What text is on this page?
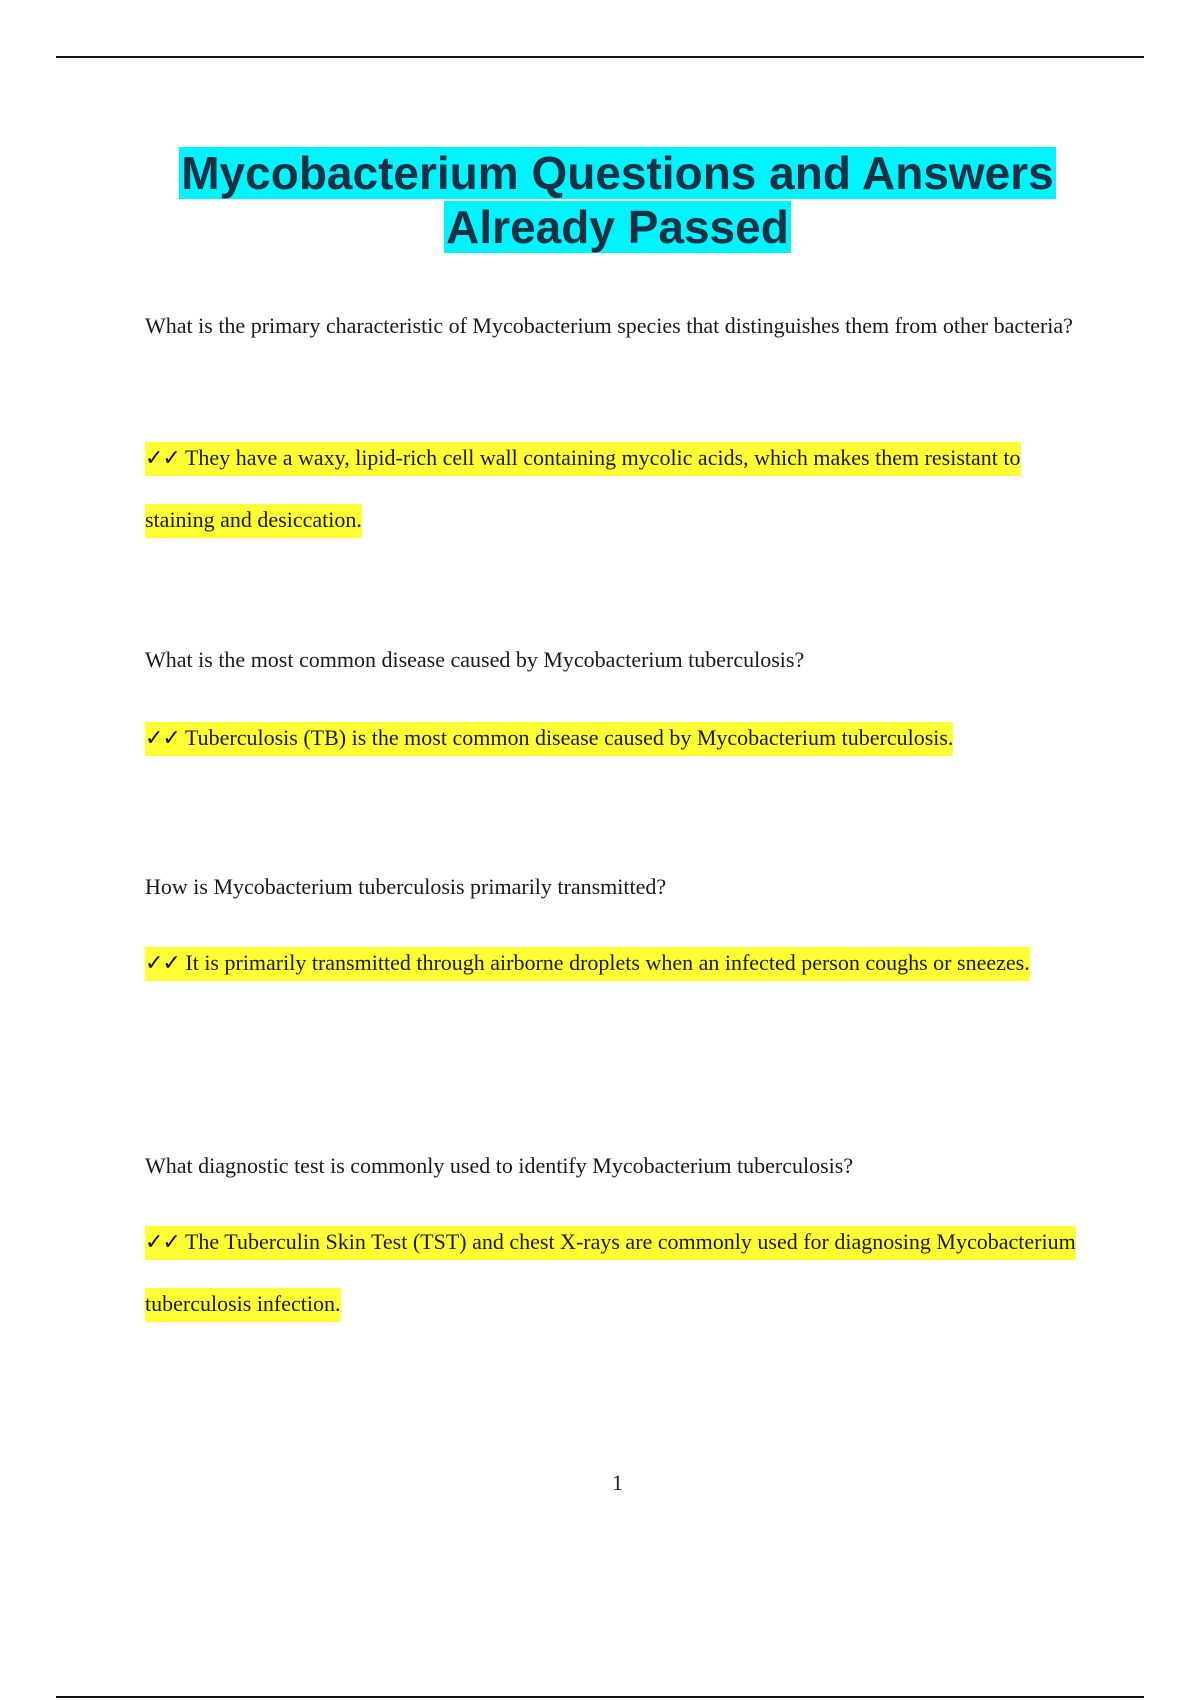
Mycobacterium Questions and Answers
Already Passed

What is the primary characteristic of Mycobacterium species that distinguishes them from other bacteria?

✓✓ They have a waxy, lipid-rich cell wall containing mycolic acids, which makes them resistant to staining and desiccation.

What is the most common disease caused by Mycobacterium tuberculosis?

✓✓ Tuberculosis (TB) is the most common disease caused by Mycobacterium tuberculosis.

How is Mycobacterium tuberculosis primarily transmitted?

✓✓ It is primarily transmitted through airborne droplets when an infected person coughs or sneezes.

What diagnostic test is commonly used to identify Mycobacterium tuberculosis?

✓✓ The Tuberculin Skin Test (TST) and chest X-rays are commonly used for diagnosing Mycobacterium tuberculosis infection.

1
